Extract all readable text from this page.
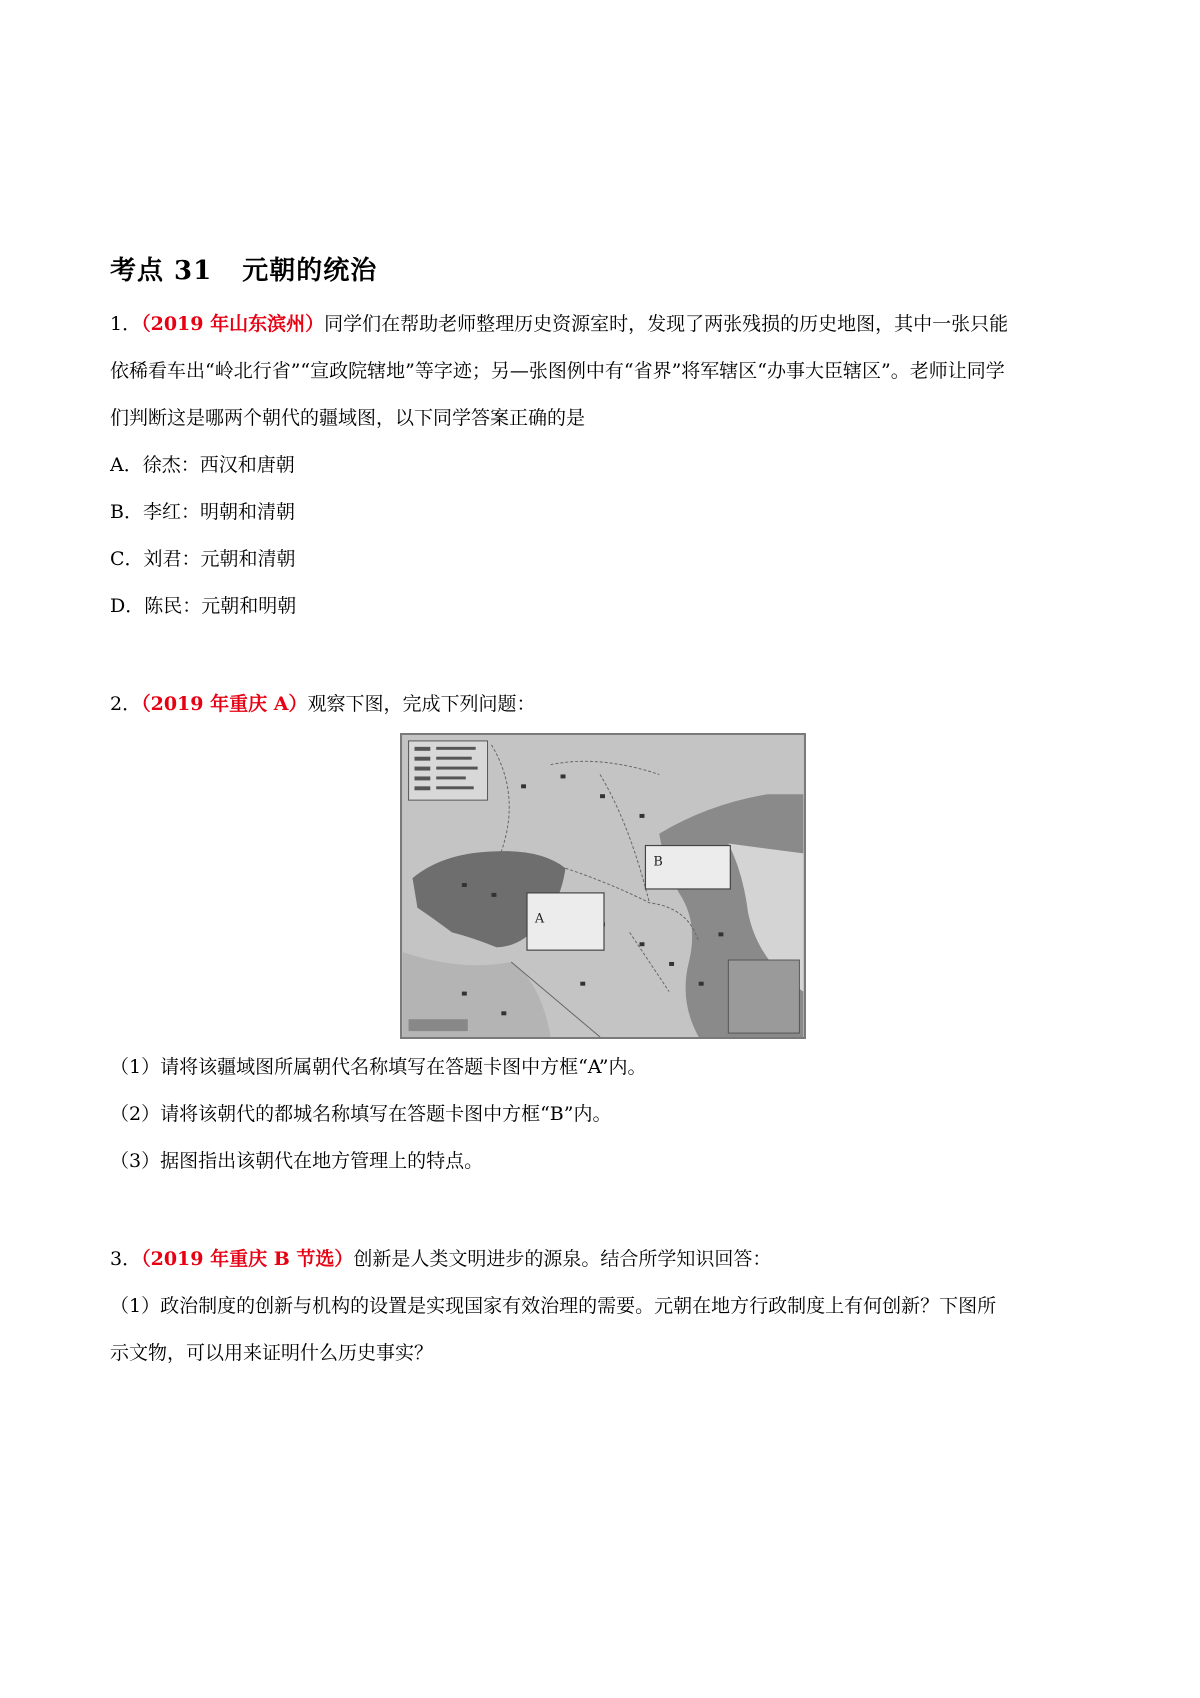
考点 31 元朝的统治
1．（2019 年山东滨州）同学们在帮助老师整理历史资源室时，发现了两张残损的历史地图，其中一张只能
依稀看车出“岭北行省”“宣政院辖地”等字迹；另—张图例中有“省界”将军辖区“办事大臣辖区”。老师让同学
们判断这是哪两个朝代的疆域图，以下同学答案正确的是
A．徐杰：西汉和唐朝
B．李红：明朝和清朝
C．刘君：元朝和清朝
D．陈民：元朝和明朝
2．（2019 年重庆 A）观察下图，完成下列问题：
A
B
（1）请将该疆域图所属朝代名称填写在答题卡图中方框“A”内。
（2）请将该朝代的都城名称填写在答题卡图中方框“B”内。
（3）据图指出该朝代在地方管理上的特点。
3．（2019 年重庆 B 节选）创新是人类文明进步的源泉。结合所学知识回答：
（1）政治制度的创新与机构的设置是实现国家有效治理的需要。元朝在地方行政制度上有何创新？下图所
示文物，可以用来证明什么历史事实？
